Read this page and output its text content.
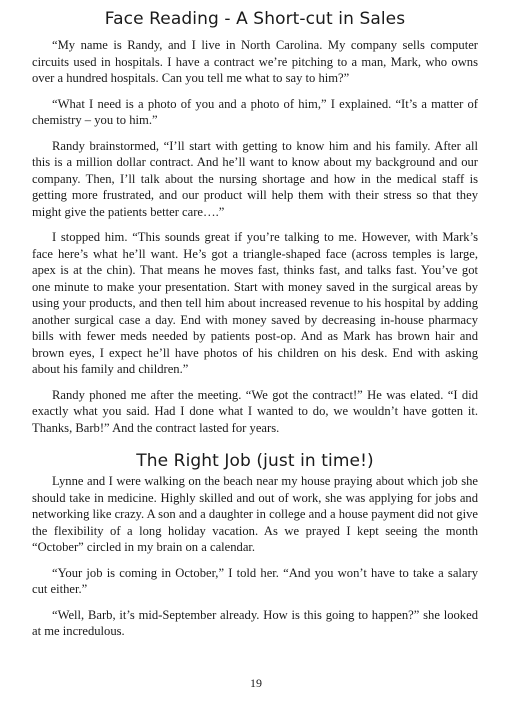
Face Reading - A Short-cut in Sales

“My name is Randy, and I live in North Carolina. My company sells computer circuits used in hospitals. I have a contract we’re pitching to a man, Mark, who owns over a hundred hospitals. Can you tell me what to say to him?”

“What I need is a photo of you and a photo of him,” I explained. “It’s a matter of chemistry – you to him.”

Randy brainstormed, “I’ll start with getting to know him and his family. After all this is a million dollar contract. And he’ll want to know about my background and our company. Then, I’ll talk about the nursing shortage and how in the medical staff is getting more frustrated, and our product will help them with their stress so that they might give the patients better care….”

I stopped him. “This sounds great if you’re talking to me. However, with Mark’s face here’s what he’ll want. He’s got a triangle-shaped face (across temples is large, apex is at the chin). That means he moves fast, thinks fast, and talks fast. You’ve got one minute to make your presentation. Start with money saved in the surgical areas by using your products, and then tell him about increased revenue to his hospital by adding another surgical case a day. End with money saved by decreasing in-house pharmacy bills with fewer meds needed by patients post-op. And as Mark has brown hair and brown eyes, I expect he’ll have photos of his children on his desk. End with asking about his family and children.”

Randy phoned me after the meeting. “We got the contract!” He was elated. “I did exactly what you said. Had I done what I wanted to do, we wouldn’t have gotten it. Thanks, Barb!” And the contract lasted for years.

The Right Job (just in time!)

Lynne and I were walking on the beach near my house praying about which job she should take in medicine. Highly skilled and out of work, she was applying for jobs and networking like crazy. A son and a daughter in college and a house payment did not give the flexibility of a long holiday vacation. As we prayed I kept seeing the month “October” circled in my brain on a calendar.

“Your job is coming in October,” I told her. “And you won’t have to take a salary cut either.”

“Well, Barb, it’s mid-September already. How is this going to happen?” she looked at me incredulous.

19
